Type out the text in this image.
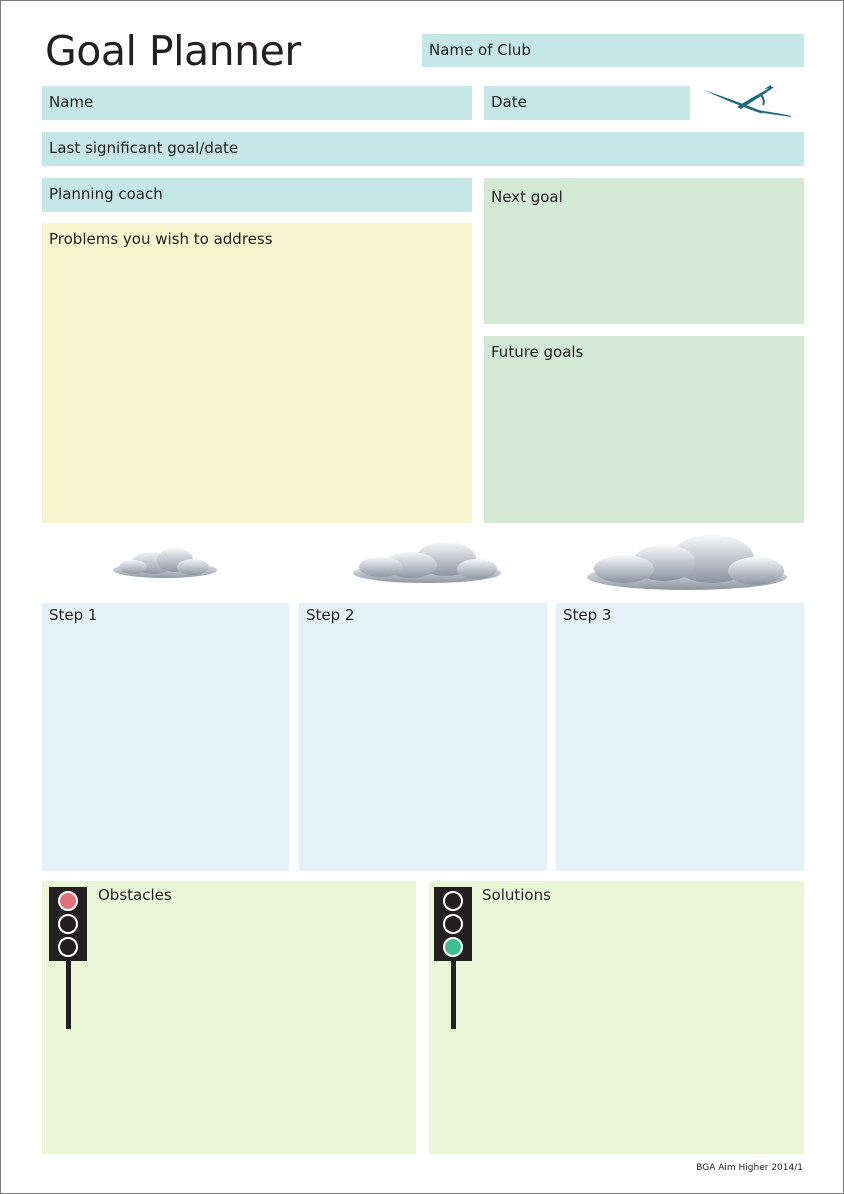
Goal Planner	Name of Club
Name	Date
Last significant goal/date
Planning coach
Problems you wish to address
Next goal
Future goals
Step 1	Step 2	Step 3
Obstacles	Solutions
BGA Aim Higher 2014/1
